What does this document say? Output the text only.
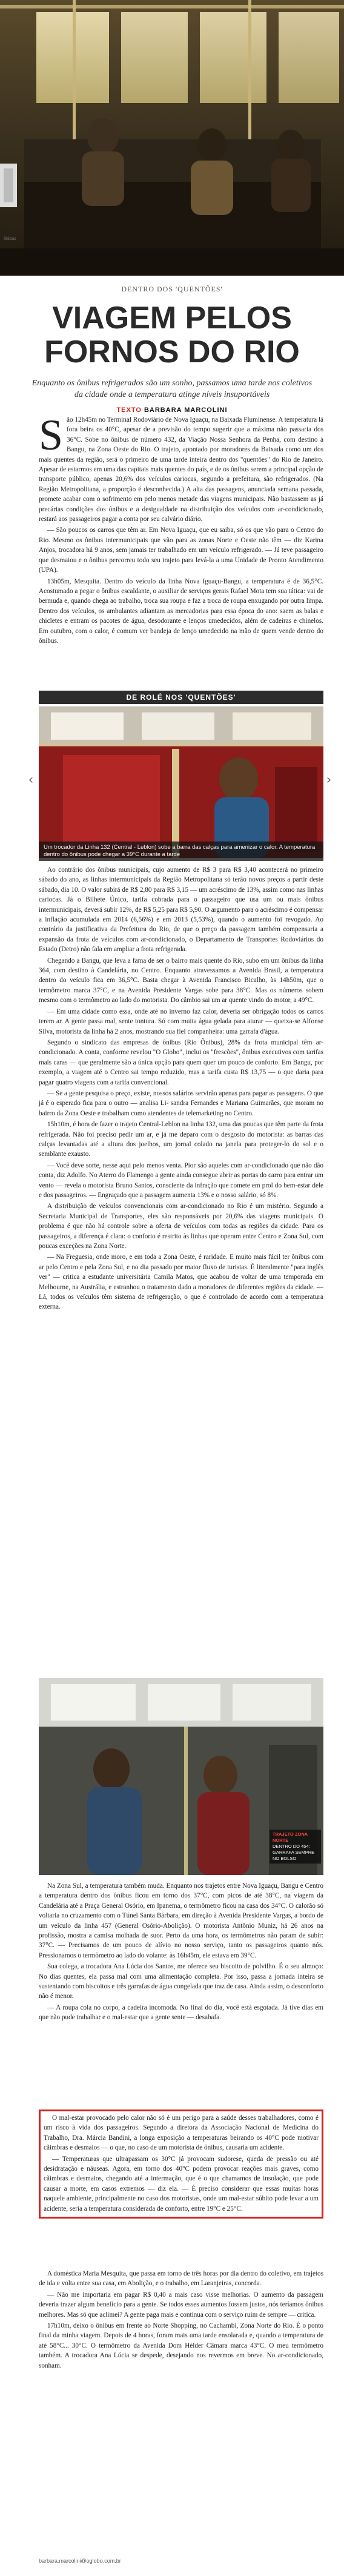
ônibus
DENTRO DOS 'QUENTÕES'
VIAGEM PELOS
FORNOS DO RIO
Enquanto os ônibus refrigerados são um sonho, passamos uma tarde nos coletivos da cidade onde a temperatura atinge níveis insuportáveis
TEXTO BARBARA MARCOLINI

S ão 12h45m no Terminal Rodoviário de Nova Iguaçu, na Baixada Fluminense. A temperatura lá fora beira os 40°C, apesar de a previsão do tempo sugerir que a máxima não passaria dos 36°C. Sobe no ônibus de número 432, da Viação Nossa Senhora da Penha, com destino à Bangu, na Zona Oeste do Rio. O trajeto, apontado por moradores da Baixada como um dos mais quentes da região, será o primeiro de uma tarde inteira dentro dos "quentões" do Rio de Janeiro. Apesar de estarmos em uma das capitais mais quentes do país, e de os ônibus serem a principal opção de transporte público, apenas 20,6% dos veículos cariocas, segundo a prefeitura, são refrigerados. (Na Região Metropolitana, a proporção é desconhecida.) A alta das passagens, anunciada semana passada, promete acabar com o sofrimento em pelo menos metade das viagens municipais. Não bastassem as já precárias condições dos ônibus e a desigualdade na distribuição dos veículos com ar-condicionado, restará aos passageiros pagar a conta por seu calvário diário.

— São poucos os carros que têm ar. Em Nova Iguaçu, que eu saiba, só os que vão para o Centro do Rio. Mesmo os ônibus intermunicipais que vão para as zonas Norte e Oeste não têm — diz Karina Anjos, trocadora há 9 anos, sem jamais ter trabalhado em um veículo refrigerado. — Já teve passageiro que desmaiou e o ônibus percorreu todo seu trajeto para levá-la a uma Unidade de Pronto Atendimento (UPA).

13h05m, Mesquita. Dentro do veículo da linha Nova Iguaçu-Bangu, a temperatura é de 36,5°C. Acostumado a pegar o ônibus escaldante, o auxiliar de serviços gerais Rafael Mota tem sua tática: vai de bermuda e, quando chega ao trabalho, troca sua roupa e faz a troca de roupa enxugando por outra limpa. Dentro dos veículos, os ambulantes adiantam as mercadorias para essa época do ano: saem as balas e chicletes e entram os pacotes de água, desodorante e lenços umedecidos, além de cadeiras e chinelos. Em outubro, com o calor, é comum ver bandeja de lenço umedecido na mão de quem vende dentro do ônibus.

DE ROLÉ NOS 'QUENTÕES'
Um trocador da Linha 132 (Central - Leblon) sobe a barra das calças para amenizar o calor. A temperatura dentro do ônibus pode chegar a 39°C durante a tarde
‹	›

Ao contrário dos ônibus municipais, cujo aumento de R$ 3 para R$ 3,40 acontecerá no primeiro sábado do ano, as linhas intermunicipais da Região Metropolitana só terão novos preços a partir deste sábado, dia 10. O valor subirá de R$ 2,80 para R$ 3,15 — um acréscimo de 13%, assim como nas linhas cariocas. Já o Bilhete Único, tarifa cobrada para o passageiro que usa um ou mais ônibus intermunicipais, deverá subir 12%, de R$ 5,25 para R$ 5,90. O argumento para o acréscimo é compensar a inflação acumulada em 2014 (6,56%) e em 2013 (5,53%), quando o aumento foi revogado. Ao contrário da justificativa da Prefeitura do Rio, de que o preço da passagem também compensaria a expansão da frota de veículos com ar-condicionado, o Departamento de Transportes Rodoviários do Estado (Detro) não fala em ampliar a frota refrigerada.

Chegando a Bangu, que leva a fama de ser o bairro mais quente do Rio, subo em um ônibus da linha 364, com destino à Candelária, no Centro. Enquanto atravessamos a Avenida Brasil, a temperatura dentro do veículo fica em 36,5°C. Basta chegar à Avenida Francisco Bicalho, às 14h50m, que o termômetro marca 37°C, e na Avenida Presidente Vargas sobe para 38°C. Mas os números sobem mesmo com o termômetro ao lado do motorista. Do câmbio sai um ar quente vindo do motor, a 49°C.

— Em uma cidade como essa, onde até no inverno faz calor, deveria ser obrigação todos os carros terem ar. A gente passa mal, sente tontura. Só com muita água gelada para aturar — queixa-se Alfonse Silva, motorista da linha há 2 anos, mostrando sua fiel companheira: uma garrafa d'água.

Segundo o sindicato das empresas de ônibus (Rio Ônibus), 28% da frota municipal têm ar-condicionado. A conta, conforme revelou "O Globo", inclui os "frescões", ônibus executivos com tarifas mais caras — que geralmente são a única opção para quem quer um pouco de conforto. Em Bangu, por exemplo, a viagem até o Centro sai tempo reduzido, mas a tarifa custa R$ 13,75 — o que daria para pagar quatro viagens com a tarifa convencional.

— Se a gente pesquisa o preço, existe, nossos salários servirão apenas para pagar as passagens. O que já é o esperado fica para o outro — analisa Li- sandra Fernandes e Mariana Guimarães, que moram no bairro da Zona Oeste e trabalham como atendentes de telemarketing no Centro.

15h10m, é hora de fazer o trajeto Central-Leblon na linha 132, uma das poucas que têm parte da frota refrigerada. Não foi preciso pedir um ar, e já me deparo com o desgosto do motorista: as barras das calças levantadas até a altura dos joelhos, um jornal colado na janela para proteger-lo do sol e o semblante exausto.

— Você deve sorte, nesse aqui pelo menos venta. Pior são aqueles com ar-condicionado que não dão conta, diz Adolfo. No Aterro do Flamengo a gente ainda consegue abrir as portas do carro para entrar um vento — revela o motorista Bruno Santos, consciente da infração que comete em prol do bem-estar dele e dos passageiros. — Engraçado que a passagem aumenta 13% e o nosso salário, só 8%.

A distribuição de veículos convencionais com ar-condicionado no Rio é um mistério. Segundo a Secretaria Municipal de Transportes, eles são responsáveis por 20,6% das viagens municipais. O problema é que não há controle sobre a oferta de veículos com todas as regiões da cidade. Para os passageiros, a diferença é clara: o conforto é restrito às linhas que operam entre Centro e Zona Sul, com poucas exceções na Zona Norte.

— Na Freguesia, onde moro, e em toda a Zona Oeste, é raridade. E muito mais fácil ter ônibus com ar pelo Centro e pela Zona Sul, e no dia passado por maior fluxo de turistas. É literalmente "para inglês ver" — critica a estudante universitária Camila Matos, que acabou de voltar de uma temporada em Melbourne, na Austrália, e estranhou o tratamento dado a moradores de diferentes regiões da cidade. — Lá, todos os veículos têm sistema de refrigeração, o que é controlado de acordo com a temperatura externa.

TRAJETO ZONA NORTE
DENTRO DO 454:
GARRAFA SEMPRE NO BOLSO

Na Zona Sul, a temperatura também muda. Enquanto nos trajetos entre Nova Iguaçu, Bangu e Centro a temperatura dentro dos ônibus ficou em torno dos 37°C, com picos de até 38°C, na viagem da Candelária até a Praça General Osório, em Ipanema, o termômetro ficou na casa dos 34°C. O calorão só voltaria no cruzamento com o Túnel Santa Bárbara, em direção à Avenida Presidente Vargas, a bordo de um veículo da linha 457 (General Osório-Abolição). O motorista Antônio Muniz, há 26 anos na profissão, mostra a camisa molhada de suor. Perto da uma hora, os termômetros não param de subir: 37°C. — Precisamos de um pouco de alívio no nosso serviço, tanto os passageiros quanto nós. Pressionamos o termômetro ao lado do volante: às 16h45m, ele estava em 39°C.

Sua colega, a trocadora Ana Lúcia dos Santos, me oferece seu biscoito de polvilho. É o seu almoço: No dias quentes, ela passa mal com uma alimentação completa. Por isso, passa a jornada inteira se sustentando com biscoitos e três garrafas de água congelada que traz de casa. Ainda assim, o desconforto não é menor.

— A roupa cola no corpo, a cadeira incomoda. No final do dia, você está esgotada. Já tive dias em que não pude trabalhar e o mal-estar que a gente sente — desabafa.

O mal-estar provocado pelo calor não só é um perigo para a saúde desses trabalhadores, como é um risco à vida dos passageiros. Segundo a diretora da Associação Nacional de Medicina do Trabalho, Dra. Márcia Bandini, a longa exposição a temperaturas beirando os 40°C pode motivar cãimbras e desmaios — o que, no caso de um motorista de ônibus, causaria um acidente.

— Temperaturas que ultrapassam os 30°C já provocam sudorese, queda de pressão ou até desidratação e náuseas. Agora, em torno dos 40°C podem provocar reações mais graves, como cãimbras e desmaios, chegando até a intermação, que é o que chamamos de insolação, que pode causar a morte, em casos extremos — diz ela. — É preciso considerar que essas muitas horas naquele ambiente, principalmente no caso dos motoristas, onde um mal-estar súbito pode levar a um acidente, seria a temperatura considerada de conforto, entre 19°C e 25°C.

A doméstica Maria Mesquita, que passa em torno de três horas por dia dentro do coletivo, em trajetos de ida e volta entre sua casa, em Abolição, e o trabalho, em Laranjeiras, concorda.

— Não me importaria em pagar R$ 0,40 a mais caso visse melhorias. O aumento da passagem deveria trazer algum benefício para a gente. Se todos esses aumentos fossem justos, nós teríamos ônibus melhores. Mas só que aclimei? A gente paga mais e continua com o serviço ruim de sempre — critica.

17h10m, deixo o ônibus em frente ao Norte Shopping, no Cachambi, Zona Norte do Rio. É o ponto final da minha viagem. Depois de 4 horas, foram mais uma tarde ensolarada e, quando a temperatura de até 58°C... 30°C. O termômetro da Avenida Dom Hélder Câmara marca 43°C. O meu termômetro também. A trocadora Ana Lúcia se despede, desejando nos revermos em breve. No ar-condicionado, sonham.

barbara.marcolini@oglobo.com.br
